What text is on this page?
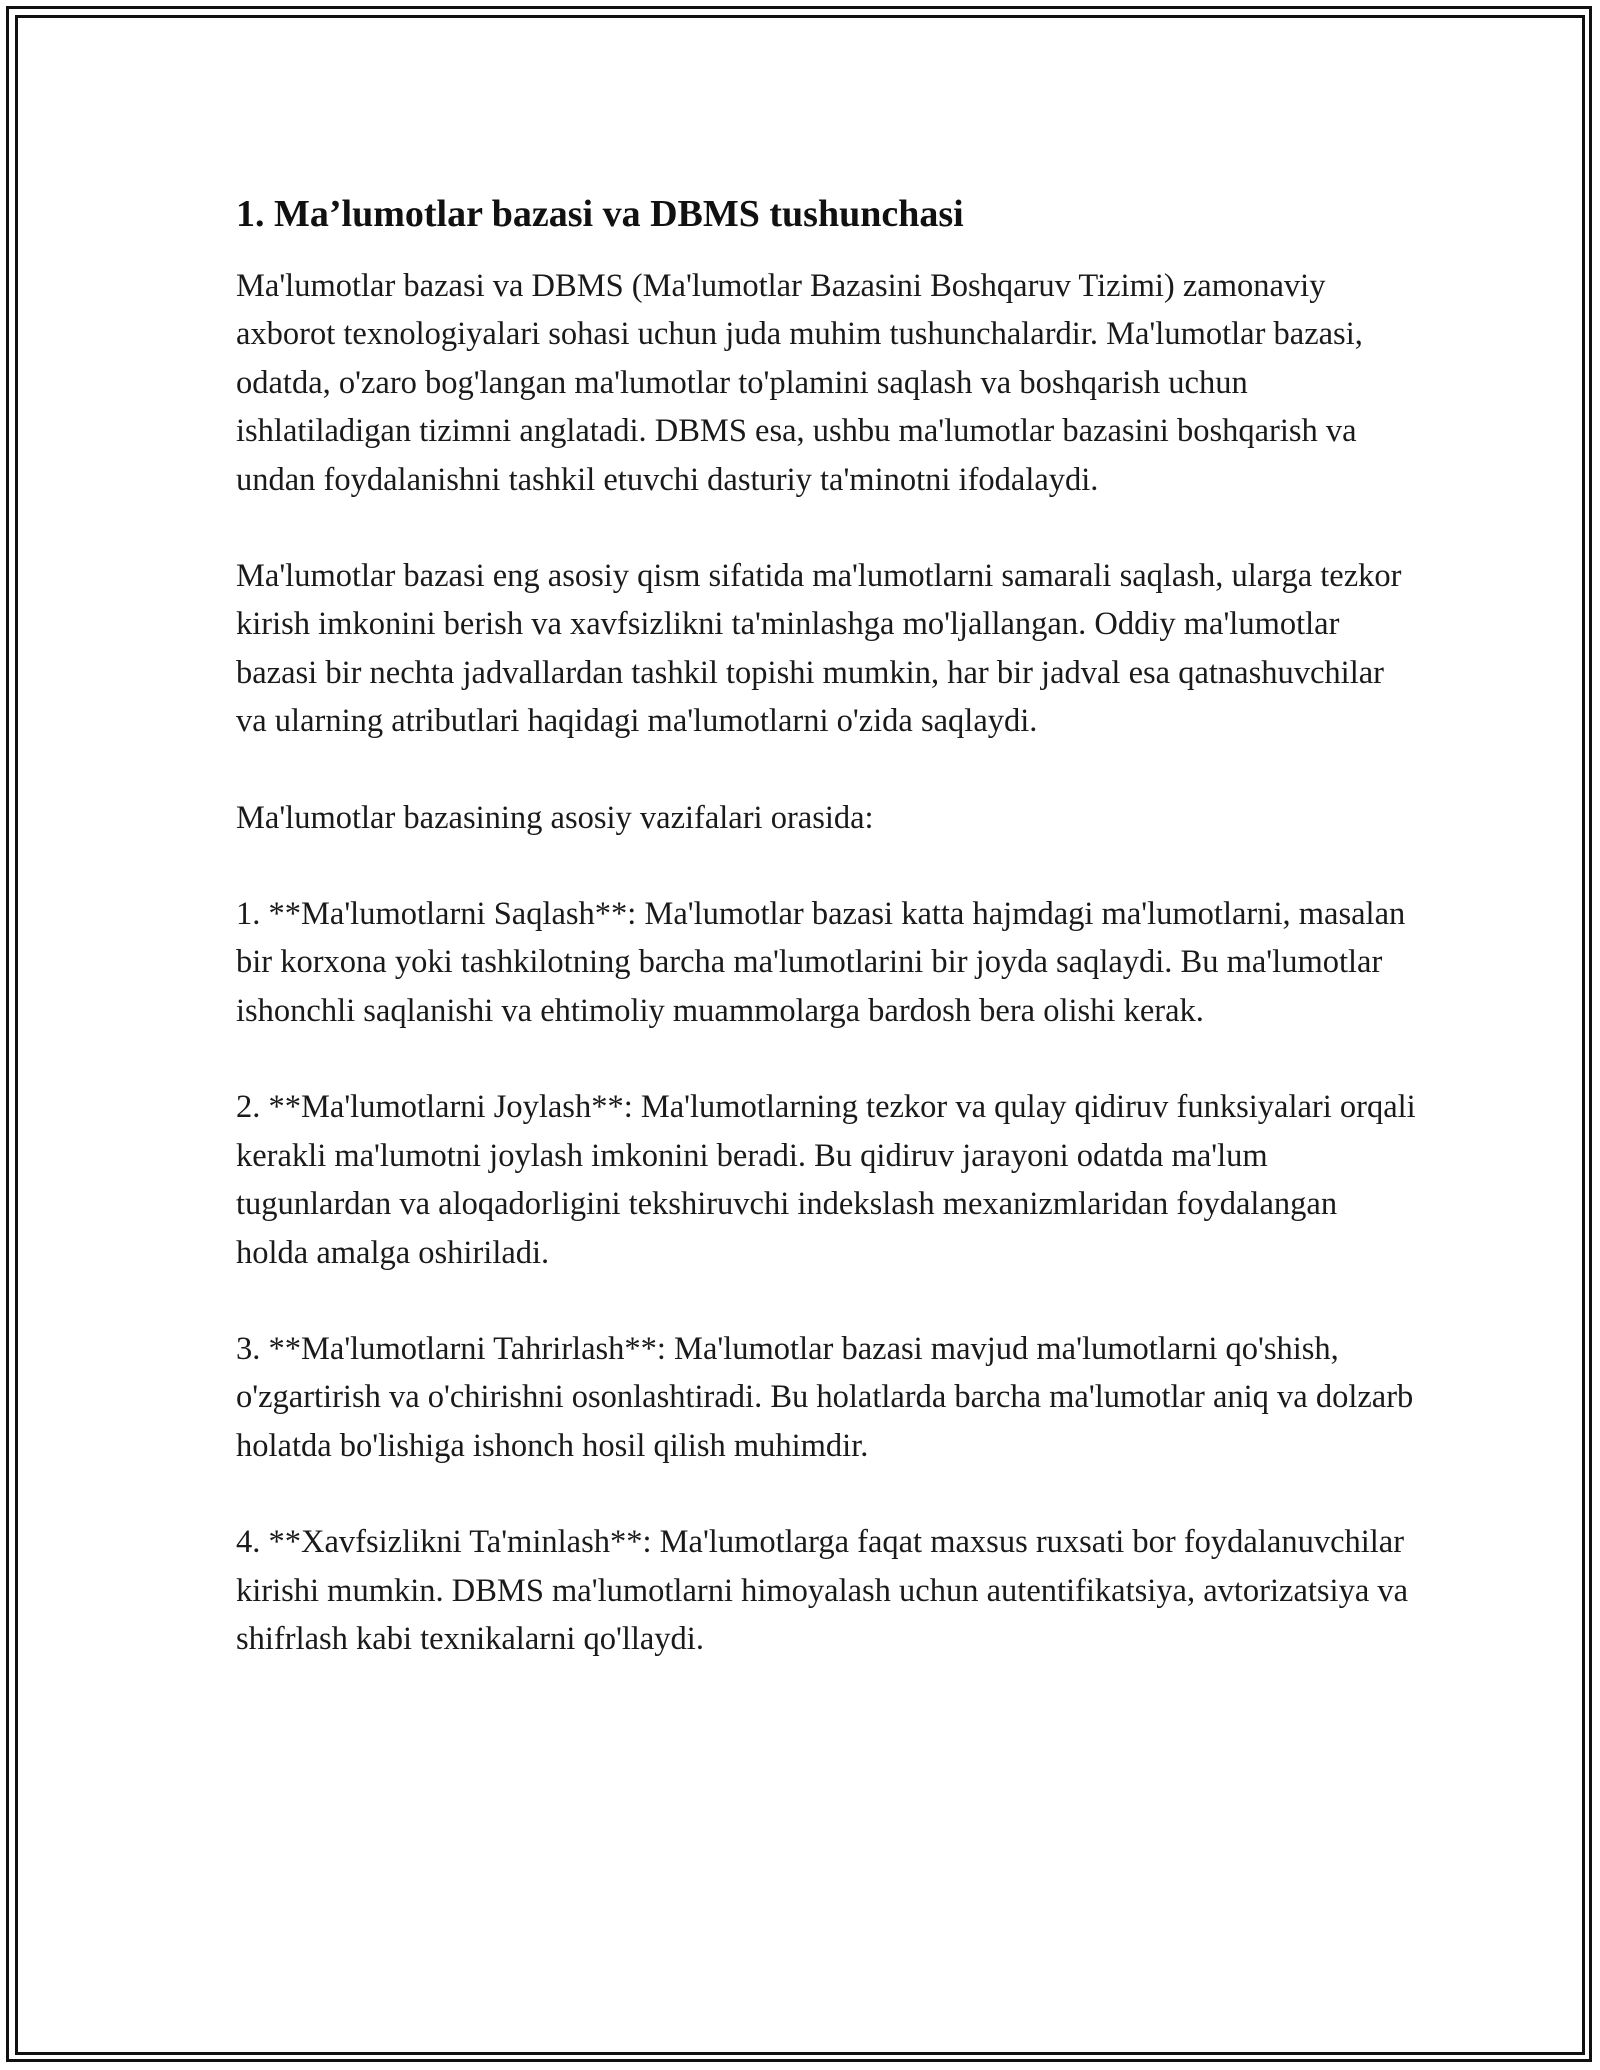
1. Ma’lumotlar bazasi va DBMS tushunchasi

Ma'lumotlar bazasi va DBMS (Ma'lumotlar Bazasini Boshqaruv Tizimi) zamonaviy axborot texnologiyalari sohasi uchun juda muhim tushunchalardir. Ma'lumotlar bazasi, odatda, o'zaro bog'langan ma'lumotlar to'plamini saqlash va boshqarish uchun ishlatiladigan tizimni anglatadi. DBMS esa, ushbu ma'lumotlar bazasini boshqarish va undan foydalanishni tashkil etuvchi dasturiy ta'minotni ifodalaydi.

Ma'lumotlar bazasi eng asosiy qism sifatida ma'lumotlarni samarali saqlash, ularga tezkor kirish imkonini berish va xavfsizlikni ta'minlashga mo'ljallangan. Oddiy ma'lumotlar bazasi bir nechta jadvallardan tashkil topishi mumkin, har bir jadval esa qatnashuvchilar va ularning atributlari haqidagi ma'lumotlarni o'zida saqlaydi.

Ma'lumotlar bazasining asosiy vazifalari orasida:

1. **Ma'lumotlarni Saqlash**: Ma'lumotlar bazasi katta hajmdagi ma'lumotlarni, masalan bir korxona yoki tashkilotning barcha ma'lumotlarini bir joyda saqlaydi. Bu ma'lumotlar ishonchli saqlanishi va ehtimoliy muammolarga bardosh bera olishi kerak.

2. **Ma'lumotlarni Joylash**: Ma'lumotlarning tezkor va qulay qidiruv funksiyalari orqali kerakli ma'lumotni joylash imkonini beradi. Bu qidiruv jarayoni odatda ma'lum tugunlardan va aloqadorligini tekshiruvchi indekslash mexanizmlaridan foydalangan holda amalga oshiriladi.

3. **Ma'lumotlarni Tahrirlash**: Ma'lumotlar bazasi mavjud ma'lumotlarni qo'shish, o'zgartirish va o'chirishni osonlashtiradi. Bu holatlarda barcha ma'lumotlar aniq va dolzarb holatda bo'lishiga ishonch hosil qilish muhimdir.

4. **Xavfsizlikni Ta'minlash**: Ma'lumotlarga faqat maxsus ruxsati bor foydalanuvchilar kirishi mumkin. DBMS ma'lumotlarni himoyalash uchun autentifikatsiya, avtorizatsiya va shifrlash kabi texnikalarni qo'llaydi.
